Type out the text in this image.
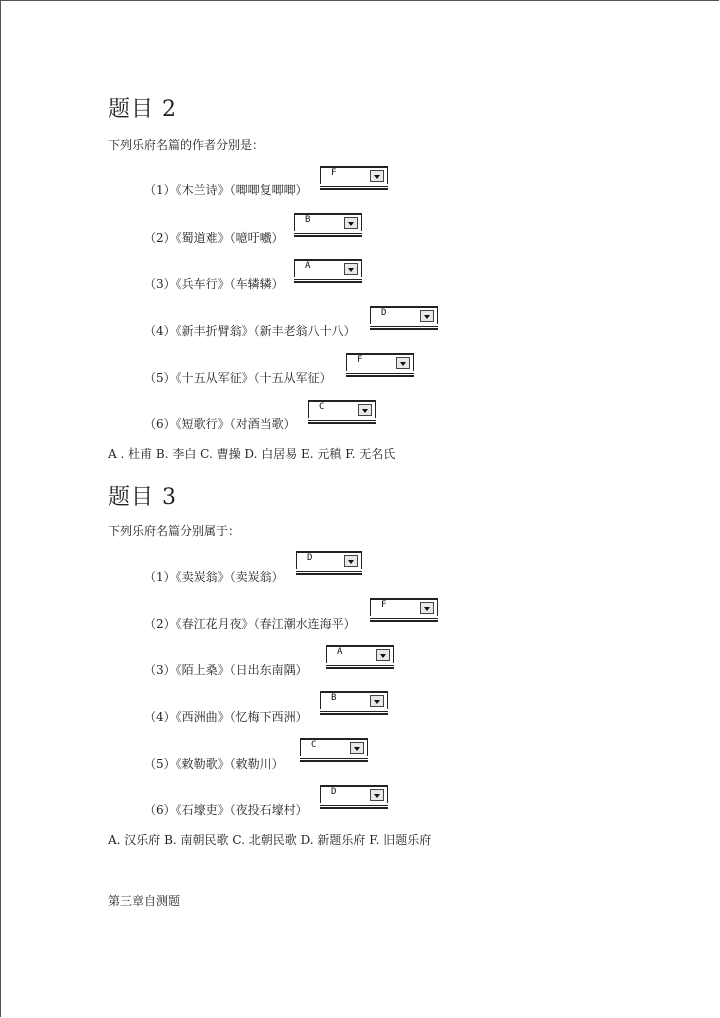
题目 2
下列乐府名篇的作者分别是：
（1）《木兰诗》（唧唧复唧唧）
F
（2）《蜀道难》（噫吁嚱）
B
（3）《兵车行》（车辚辚）
A
（4）《新丰折臂翁》（新丰老翁八十八）
D
（5）《十五从军征》（十五从军征）
F
（6）《短歌行》（对酒当歌）
C
A . 杜甫 B. 李白 C. 曹操 D. 白居易 E. 元稹 F. 无名氏
题目 3
下列乐府名篇分别属于：
（1）《卖炭翁》（卖炭翁）
D
（2）《春江花月夜》（春江潮水连海平）
F
（3）《陌上桑》（日出东南隅）
A
（4）《西洲曲》（忆梅下西洲）
B
（5）《敕勒歌》（敕勒川）
C
（6）《石壕吏》（夜投石壕村）
D
A. 汉乐府 B. 南朝民歌 C. 北朝民歌 D. 新题乐府 F. 旧题乐府
第三章自测题
